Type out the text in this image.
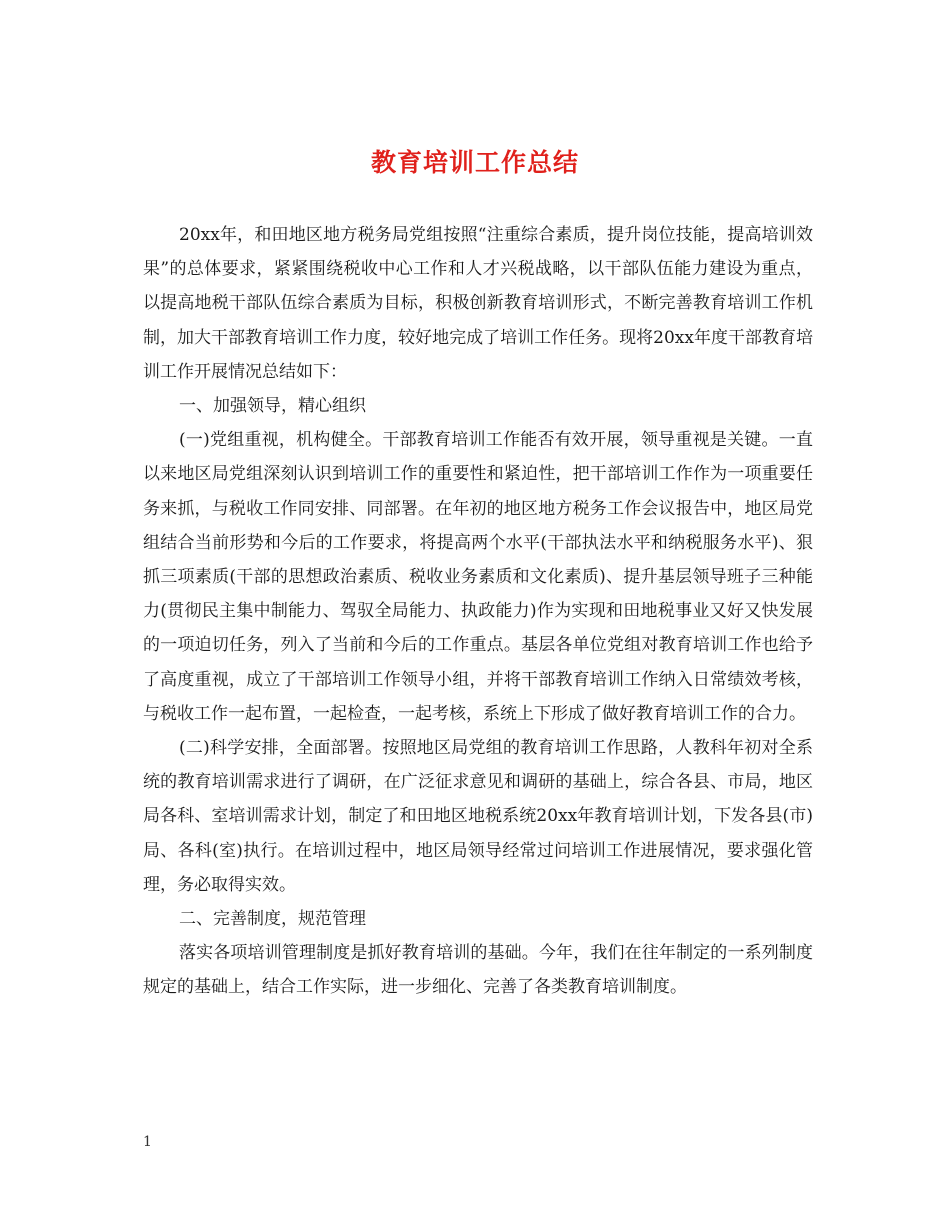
教育培训工作总结

20xx年，和田地区地方税务局党组按照“注重综合素质，提升岗位技能，提高培训效果”的总体要求，紧紧围绕税收中心工作和人才兴税战略，以干部队伍能力建设为重点，以提高地税干部队伍综合素质为目标，积极创新教育培训形式，不断完善教育培训工作机制，加大干部教育培训工作力度，较好地完成了培训工作任务。现将20xx年度干部教育培训工作开展情况总结如下：

一、加强领导，精心组织

(一)党组重视，机构健全。干部教育培训工作能否有效开展，领导重视是关键。一直以来地区局党组深刻认识到培训工作的重要性和紧迫性，把干部培训工作作为一项重要任务来抓，与税收工作同安排、同部署。在年初的地区地方税务工作会议报告中，地区局党组结合当前形势和今后的工作要求，将提高两个水平(干部执法水平和纳税服务水平)、狠抓三项素质(干部的思想政治素质、税收业务素质和文化素质)、提升基层领导班子三种能力(贯彻民主集中制能力、驾驭全局能力、执政能力)作为实现和田地税事业又好又快发展的一项迫切任务，列入了当前和今后的工作重点。基层各单位党组对教育培训工作也给予了高度重视，成立了干部培训工作领导小组，并将干部教育培训工作纳入日常绩效考核，与税收工作一起布置，一起检查，一起考核，系统上下形成了做好教育培训工作的合力。

(二)科学安排，全面部署。按照地区局党组的教育培训工作思路，人教科年初对全系统的教育培训需求进行了调研，在广泛征求意见和调研的基础上，综合各县、市局，地区局各科、室培训需求计划，制定了和田地区地税系统20xx年教育培训计划，下发各县(市)局、各科(室)执行。在培训过程中，地区局领导经常过问培训工作进展情况，要求强化管理，务必取得实效。

二、完善制度，规范管理

落实各项培训管理制度是抓好教育培训的基础。今年，我们在往年制定的一系列制度规定的基础上，结合工作实际，进一步细化、完善了各类教育培训制度。

1
